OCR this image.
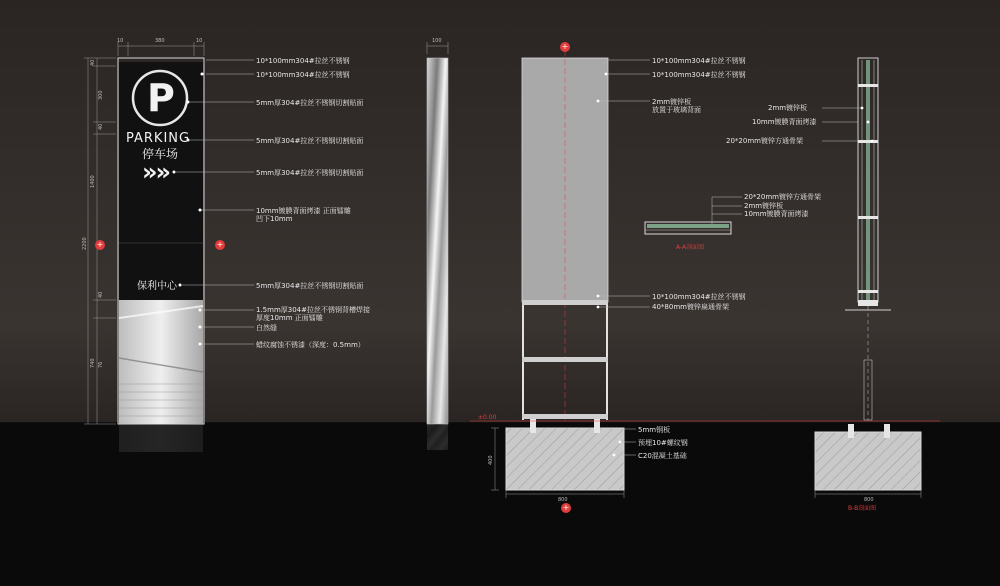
+	+
+
+
P
PARKING
停车场
»»
保利中心
10	380	10
40
300
40
1400
40
2200
740 76
10*100mm304#拉丝不锈钢
10*100mm304#拉丝不锈钢
5mm厚304#拉丝不锈钢切割贴面
5mm厚304#拉丝不锈钢切割贴面
5mm厚304#拉丝不锈钢切割贴面
10mm镀膜背面烤漆 正面镭雕
凹下10mm
5mm厚304#拉丝不锈钢切割贴面
1.5mm厚304#拉丝不锈钢背槽焊接
厚度10mm 正面镭雕
白然缝
蜡纹腐蚀不锈漆（深度：0.5mm）
100
10*100mm304#拉丝不锈钢
10*100mm304#拉丝不锈钢
2mm镀锌板
放置于玻璃背面
10*100mm304#拉丝不锈钢
40*80mm镀锌扁通骨架
5mm钢板
预埋10#螺纹钢
C20混凝土基础
800
400
±0.00
20*20mm镀锌方通骨架
2mm镀锌板
10mm镀膜背面烤漆
A-A剖面图
2mm镀锌板
10mm镀膜背面烤漆
20*20mm镀锌方通骨架
800
B-B剖面图
